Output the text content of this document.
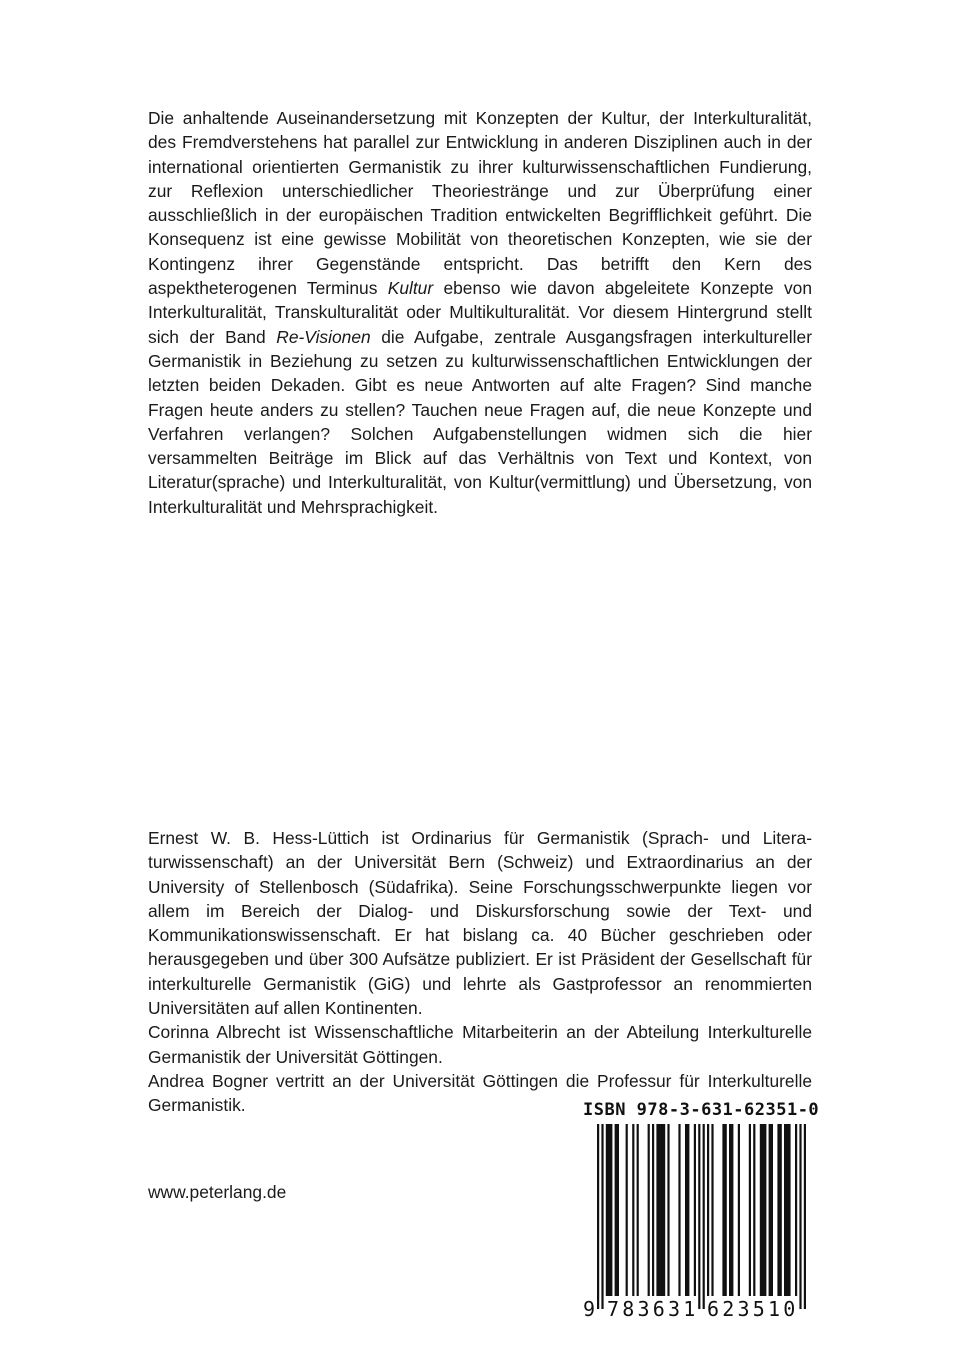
Die anhaltende Auseinandersetzung mit Konzepten der Kultur, der Interkulturalität, des Fremdverstehens hat parallel zur Entwicklung in anderen Disziplinen auch in der international orientierten Germanistik zu ihrer kulturwissenschaftlichen Fundierung, zur Reflexion unterschiedlicher Theoriestränge und zur Überprüfung einer ausschließlich in der europäischen Tradition entwickelten Begrifflichkeit geführt. Die Konsequenz ist eine gewisse Mobilität von theoretischen Konzepten, wie sie der Kontingenz ihrer Gegenstände entspricht. Das betrifft den Kern des aspektheterogenen Terminus Kultur ebenso wie davon abgeleitete Konzepte von Interkulturalität, Transkulturalität oder Multikulturalität. Vor diesem Hintergrund stellt sich der Band Re-Visionen die Aufgabe, zentrale Ausgangsfragen interkultureller Germanistik in Beziehung zu setzen zu kulturwissenschaftlichen Entwicklungen der letzten beiden Dekaden. Gibt es neue Antworten auf alte Fragen? Sind manche Fragen heute anders zu stellen? Tauchen neue Fragen auf, die neue Konzepte und Verfahren verlangen? Solchen Aufgabenstellungen widmen sich die hier versammelten Beiträge im Blick auf das Verhältnis von Text und Kontext, von Literatur(sprache) und Interkulturalität, von Kultur(vermittlung) und Übersetzung, von Interkulturalität und Mehrsprachigkeit.

Ernest W. B. Hess-Lüttich ist Ordinarius für Germanistik (Sprach- und Literaturwissenschaft) an der Universität Bern (Schweiz) und Extraordinarius an der University of Stellenbosch (Südafrika). Seine Forschungsschwerpunkte liegen vor allem im Bereich der Dialog- und Diskursforschung sowie der Text- und Kommunikationswissenschaft. Er hat bislang ca. 40 Bücher geschrieben oder herausgegeben und über 300 Aufsätze publiziert. Er ist Präsident der Gesellschaft für interkulturelle Germanistik (GiG) und lehrte als Gastprofessor an renommierten Universitäten auf allen Kontinenten.

Corinna Albrecht ist Wissenschaftliche Mitarbeiterin an der Abteilung Interkulturelle Germanistik der Universität Göttingen.

Andrea Bogner vertritt an der Universität Göttingen die Professur für Interkulturelle Germanistik.

www.peterlang.de
ISBN 978-3-631-62351-0
9 783631 623510
